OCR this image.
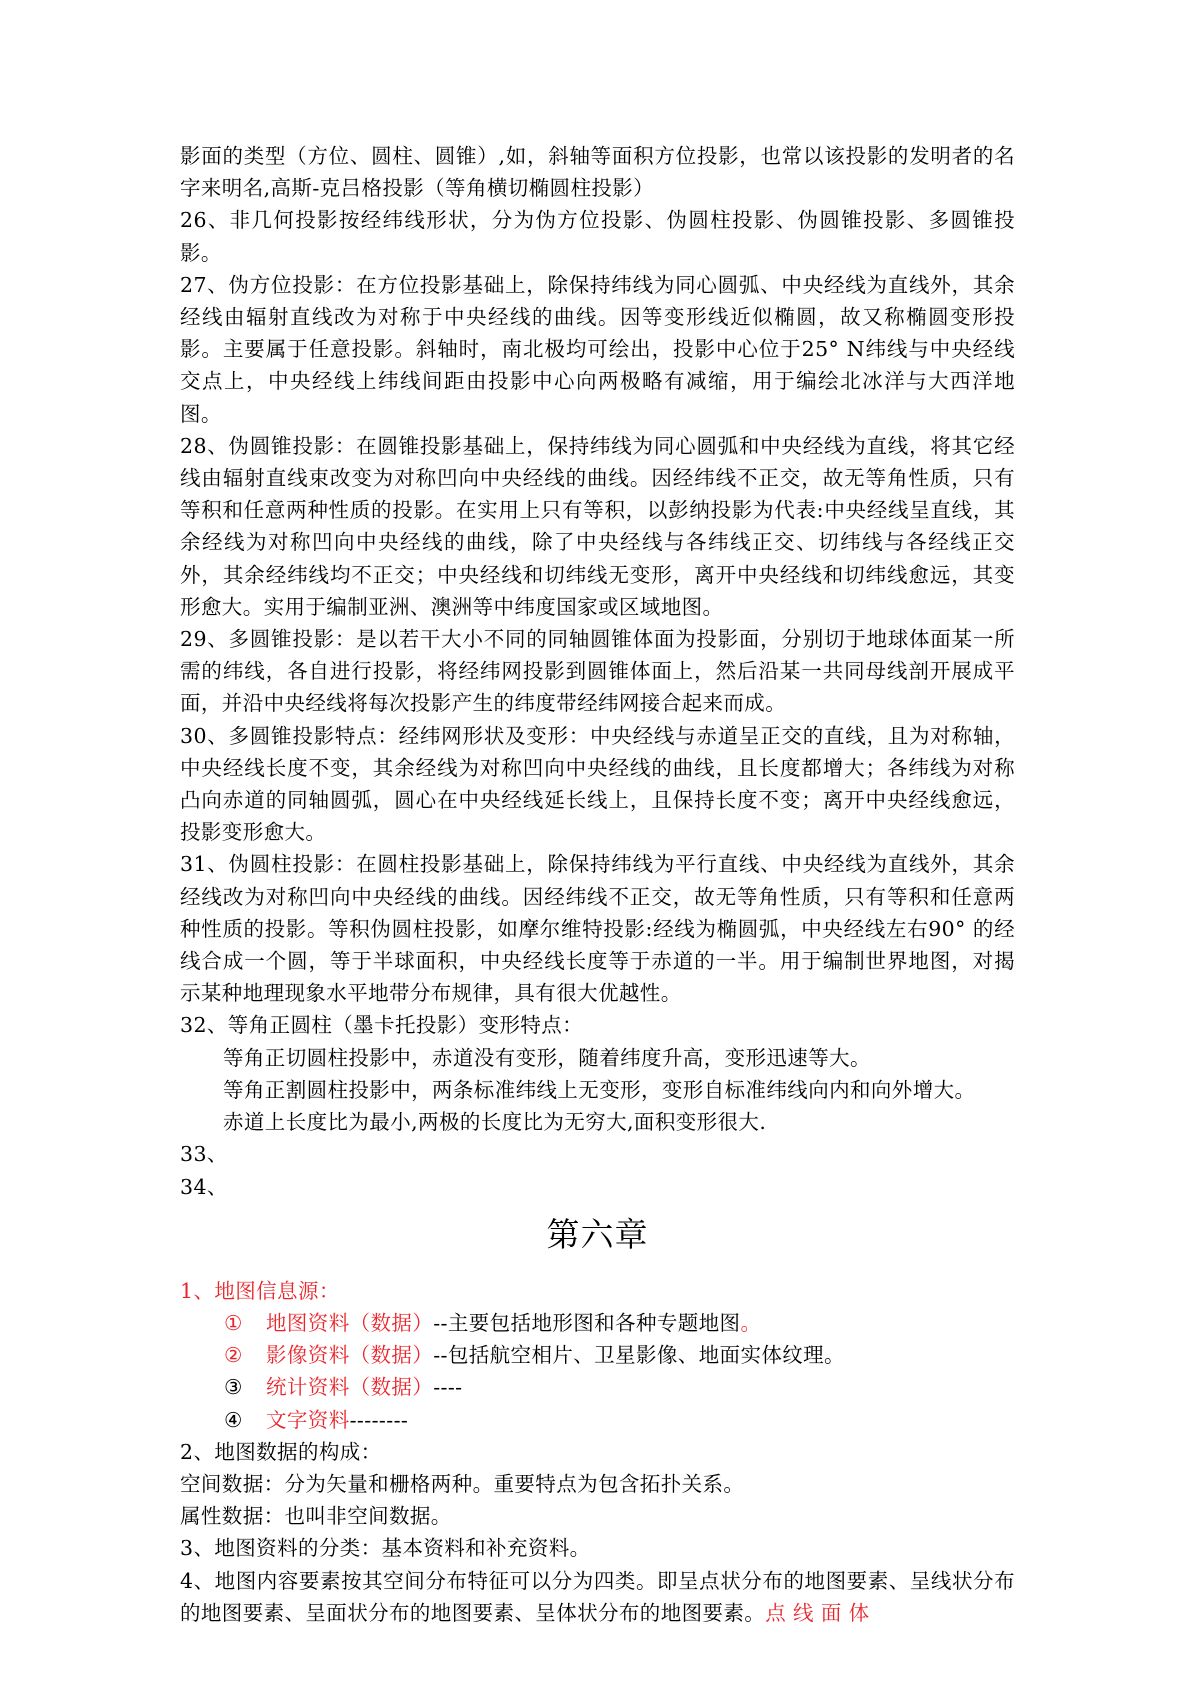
影面的类型（方位、圆柱、圆锥）,如，斜轴等面积方位投影，也常以该投影的发明者的名字来明名,高斯-克吕格投影（等角横切椭圆柱投影）

26、非几何投影按经纬线形状，分为伪方位投影、伪圆柱投影、伪圆锥投影、多圆锥投影。

27、伪方位投影：在方位投影基础上，除保持纬线为同心圆弧、中央经线为直线外，其余经线由辐射直线改为对称于中央经线的曲线。因等变形线近似椭圆，故又称椭圆变形投影。主要属于任意投影。斜轴时，南北极均可绘出，投影中心位于25° N纬线与中央经线交点上，中央经线上纬线间距由投影中心向两极略有减缩，用于编绘北冰洋与大西洋地图。

28、伪圆锥投影：在圆锥投影基础上，保持纬线为同心圆弧和中央经线为直线，将其它经线由辐射直线束改变为对称凹向中央经线的曲线。因经纬线不正交，故无等角性质，只有等积和任意两种性质的投影。在实用上只有等积，以彭纳投影为代表:中央经线呈直线，其余经线为对称凹向中央经线的曲线，除了中央经线与各纬线正交、切纬线与各经线正交外，其余经纬线均不正交；中央经线和切纬线无变形，离开中央经线和切纬线愈远，其变形愈大。实用于编制亚洲、澳洲等中纬度国家或区域地图。

29、多圆锥投影：是以若干大小不同的同轴圆锥体面为投影面，分别切于地球体面某一所需的纬线，各自进行投影，将经纬网投影到圆锥体面上，然后沿某一共同母线剖开展成平面，并沿中央经线将每次投影产生的纬度带经纬网接合起来而成。

30、多圆锥投影特点：经纬网形状及变形：中央经线与赤道呈正交的直线，且为对称轴，中央经线长度不变，其余经线为对称凹向中央经线的曲线，且长度都增大；各纬线为对称凸向赤道的同轴圆弧，圆心在中央经线延长线上，且保持长度不变；离开中央经线愈远，投影变形愈大。

31、伪圆柱投影：在圆柱投影基础上，除保持纬线为平行直线、中央经线为直线外，其余经线改为对称凹向中央经线的曲线。因经纬线不正交，故无等角性质，只有等积和任意两种性质的投影。等积伪圆柱投影，如摩尔维特投影:经线为椭圆弧，中央经线左右90° 的经线合成一个圆，等于半球面积，中央经线长度等于赤道的一半。用于编制世界地图，对揭示某种地理现象水平地带分布规律，具有很大优越性。

32、等角正圆柱（墨卡托投影）变形特点：

等角正切圆柱投影中，赤道没有变形，随着纬度升高，变形迅速等大。

等角正割圆柱投影中，两条标准纬线上无变形，变形自标准纬线向内和向外增大。

赤道上长度比为最小,两极的长度比为无穷大,面积变形很大.

33、

34、

第六章

1、地图信息源：

① 地图资料（数据）--主要包括地形图和各种专题地图。
② 影像资料（数据）--包括航空相片、卫星影像、地面实体纹理。
③ 统计资料（数据）----
④ 文字资料--------

2、地图数据的构成：

空间数据：分为矢量和栅格两种。重要特点为包含拓扑关系。

属性数据：也叫非空间数据。

3、地图资料的分类：基本资料和补充资料。

4、地图内容要素按其空间分布特征可以分为四类。即呈点状分布的地图要素、呈线状分布的地图要素、呈面状分布的地图要素、呈体状分布的地图要素。点 线 面 体
